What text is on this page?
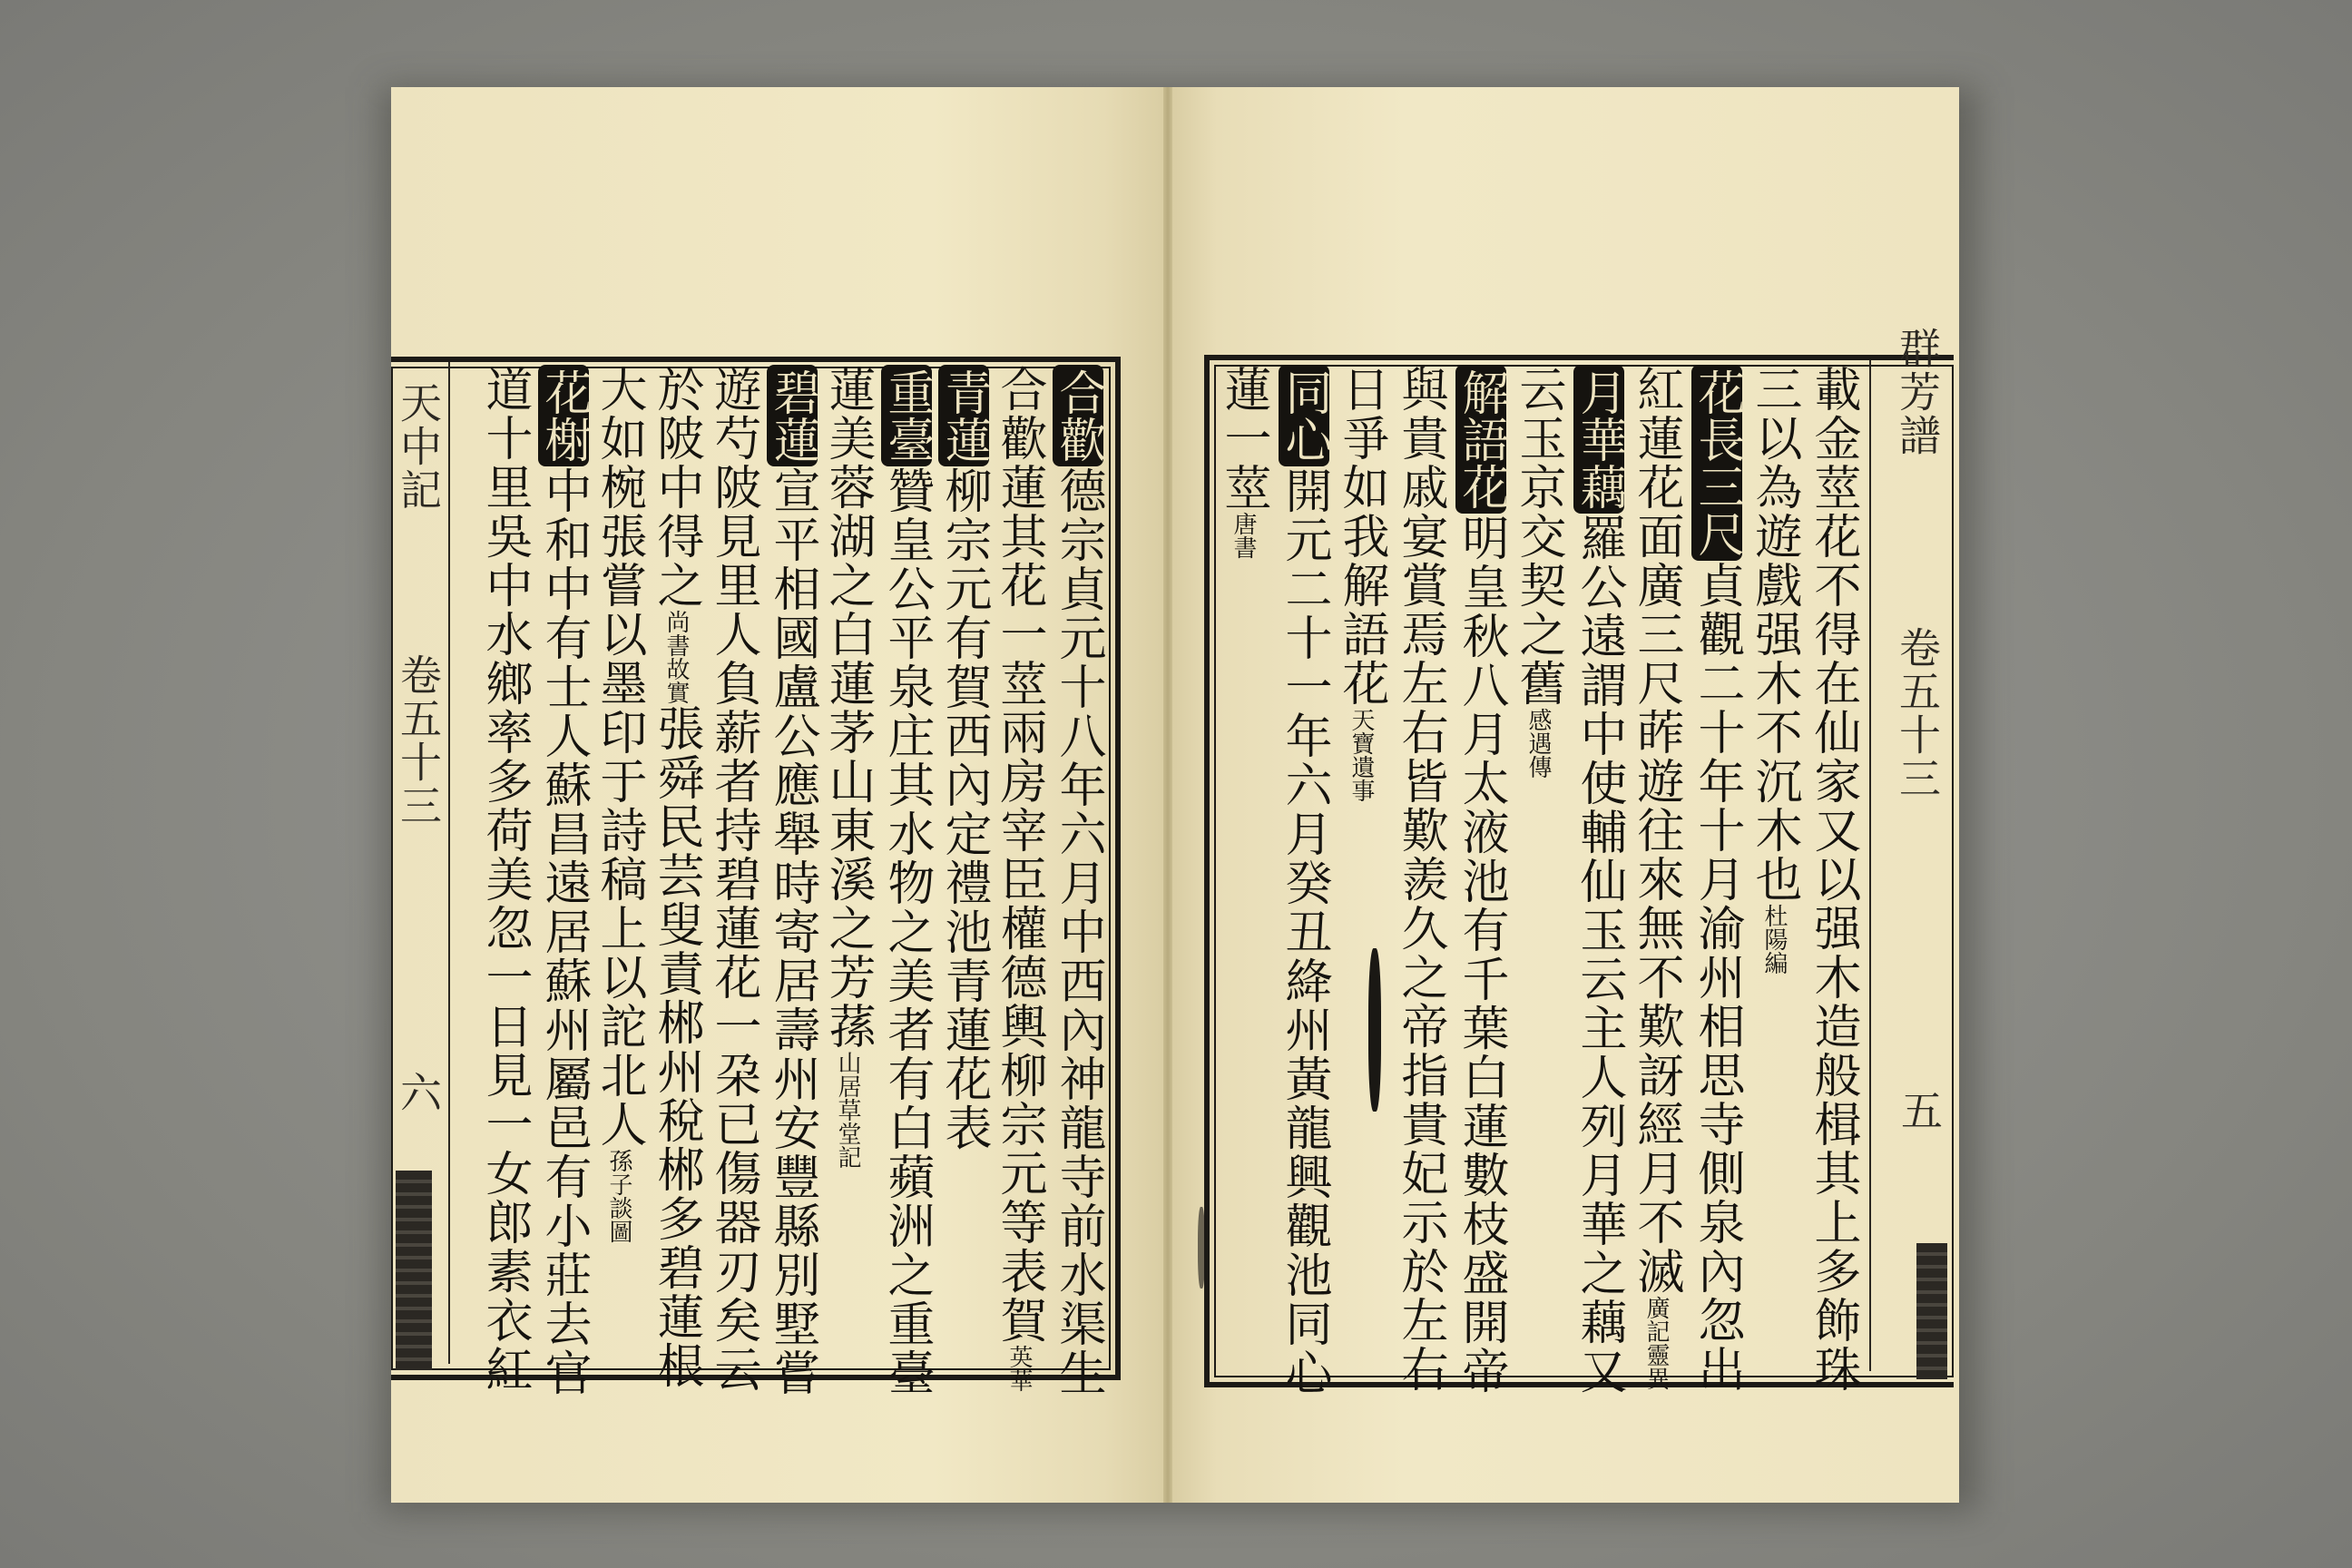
群芳譜
卷五十三
五
天中記
卷五十三
六	載金莖花不得在仙家又以强木造般楫其上多飾珠
三以為遊戲强木不沉木也杜陽編
花長三尺貞觀二十年十月渝州相思寺側泉內忽出
紅蓮花面廣三尺葃遊往來無不歎訝經月不滅廣記靈異
月華藕羅公遠謂中使輔仙玉云主人列月華之藕又
云玉京交契之舊感遇傳
解語花明皇秋八月太液池有千葉白蓮數枝盛開帝
與貴戚宴賞焉左右皆歎羨久之帝指貴妃示於左右
日爭如我解語花天寶遺事
同心開元二十一年六月癸丑絳州黃龍興觀池同心
蓮一莖唐書
合歡德宗貞元十八年六月中西內神龍寺前水渠生
合歡蓮其花一莖兩房宰臣權德輿柳宗元等表賀英華
青蓮柳宗元有賀西內定禮池青蓮花表
重臺贊皇公平泉庄其水物之美者有白蘋洲之重臺
蓮美蓉湖之白蓮茅山東溪之芳蓀山居草堂記
碧蓮宣平相國盧公應舉時寄居壽州安豐縣別墅嘗
遊芍陂見里人負薪者持碧蓮花一朶已傷器刃矣云
於陂中得之尚書故實張舜民芸叟責郴州稅郴多碧蓮根
大如椀張嘗以墨印于詩稿上以詑北人孫子談圖
花榭中和中有士人蘇昌遠居蘇州屬邑有小莊去官
道十里吳中水鄉率多荷美忽一日見一女郎素衣紅
